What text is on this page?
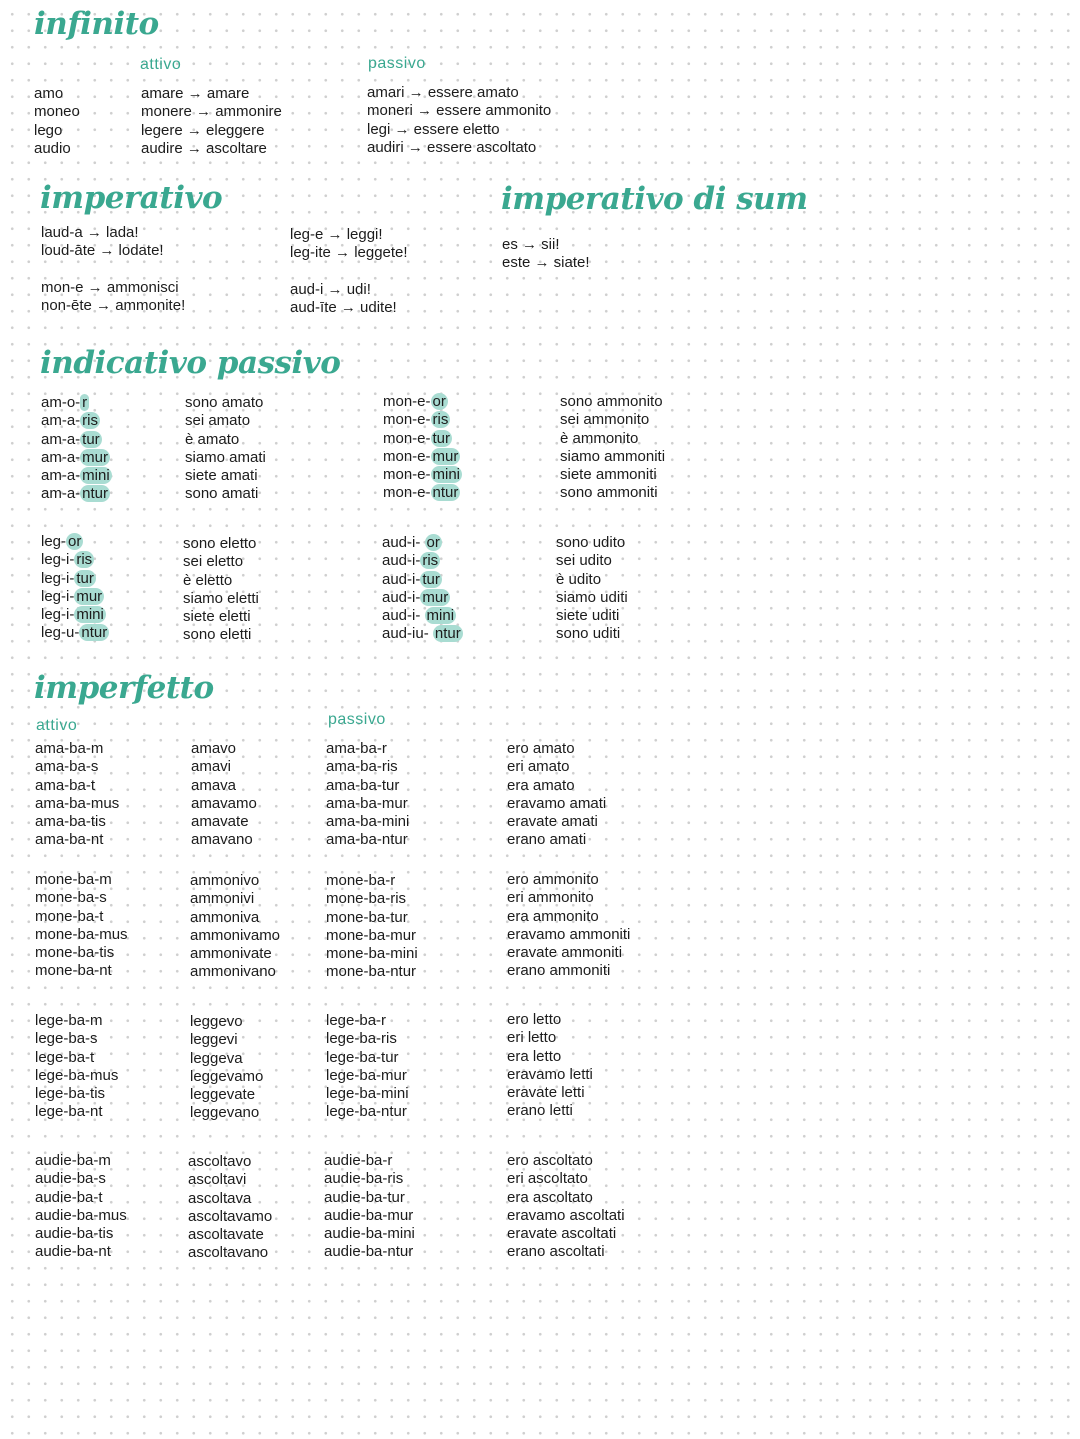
infinito
attivo	passivo
amo
moneo
lego
audio
amare → amare
monere → ammonire
legere → eleggere
audire → ascoltare
amari → essere amato
moneri → essere ammonito
legi → essere eletto
audiri → essere ascoltato
imperativo
laud-a → lada!
loud-āte → lodate!
mon-e → ammonisci
non-ēte → ammonite!
leg-e → leggi!
leg-ite → leggete!
aud-i → udi!
aud-īte → udite!
imperativo di sum
es → sii!
este → siate!
indicativo passivo
am-o- r
am-a- ris
am-a- tur
am-a- mur
am-a- mini
am-a- ntur
sono amato
sei amato
è amato
siamo amati
siete amati
sono amati
mon-e- or
mon-e- ris
mon-e- tur
mon-e- mur
mon-e- mini
mon-e- ntur
sono ammonito
sei ammonito
è ammonito
siamo ammoniti
siete ammoniti
sono ammoniti
leg- or
leg-i- ris
leg-i- tur
leg-i- mur
leg-i- mini
leg-u- ntur
sono eletto
sei eletto
è eletto
siamo eletti
siete eletti
sono eletti
aud-i- or
aud-i- ris
aud-i- tur
aud-i- mur
aud-i- mini
aud-iu- ntur
sono udito
sei udito
è udito
siamo uditi
siete uditi
sono uditi
imperfetto
attivo	passivo
ama-ba-m
ama-ba-s
ama-ba-t
ama-ba-mus
ama-ba-tis
ama-ba-nt
amavo
amavi
amava
amavamo
amavate
amavano
ama-ba-r
ama-ba-ris
ama-ba-tur
ama-ba-mur
ama-ba-mini
ama-ba-ntur
ero amato
eri amato
era amato
eravamo amati
eravate amati
erano amati
mone-ba-m
mone-ba-s
mone-ba-t
mone-ba-mus
mone-ba-tis
mone-ba-nt
ammonivo
ammonivi
ammoniva
ammonivamo
ammonivate
ammonivano
mone-ba-r
mone-ba-ris
mone-ba-tur
mone-ba-mur
mone-ba-mini
mone-ba-ntur
ero ammonito
eri ammonito
era ammonito
eravamo ammoniti
eravate ammoniti
erano ammoniti
lege-ba-m
lege-ba-s
lege-ba-t
lege-ba-mus
lege-ba-tis
lege-ba-nt
leggevo
leggevi
leggeva
leggevamo
leggevate
leggevano
lege-ba-r
lege-ba-ris
lege-ba-tur
lege-ba-mur
lege-ba-mini
lege-ba-ntur
ero letto
eri letto
era letto
eravamo letti
eravate letti
erano letti
audie-ba-m
audie-ba-s
audie-ba-t
audie-ba-mus
audie-ba-tis
audie-ba-nt
ascoltavo
ascoltavi
ascoltava
ascoltavamo
ascoltavate
ascoltavano
audie-ba-r
audie-ba-ris
audie-ba-tur
audie-ba-mur
audie-ba-mini
audie-ba-ntur
ero ascoltato
eri ascoltato
era ascoltato
eravamo ascoltati
eravate ascoltati
erano ascoltati
